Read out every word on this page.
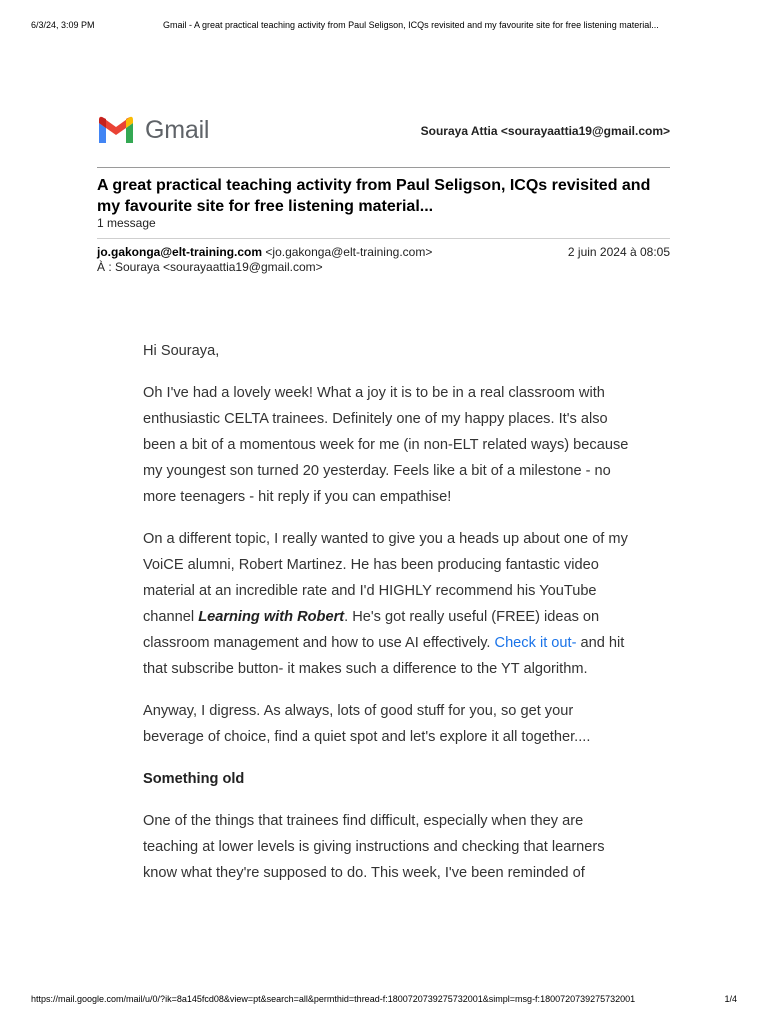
6/3/24, 3:09 PM	Gmail - A great practical teaching activity from Paul Seligson, ICQs revisited and my favourite site for free listening material...
Gmail	Souraya Attia <sourayaattia19@gmail.com>
A great practical teaching activity from Paul Seligson, ICQs revisited and my favourite site for free listening material...
1 message
jo.gakonga@elt-training.com <jo.gakonga@elt-training.com>	2 juin 2024 à 08:05
À : Souraya <sourayaattia19@gmail.com>

Hi Souraya,

Oh I've had a lovely week! What a joy it is to be in a real classroom with enthusiastic CELTA trainees. Definitely one of my happy places. It's also been a bit of a momentous week for me (in non-ELT related ways) because my youngest son turned 20 yesterday. Feels like a bit of a milestone - no more teenagers - hit reply if you can empathise!

On a different topic, I really wanted to give you a heads up about one of my VoiCE alumni, Robert Martinez. He has been producing fantastic video material at an incredible rate and I'd HIGHLY recommend his YouTube channel Learning with Robert. He's got really useful (FREE) ideas on classroom management and how to use AI effectively. Check it out- and hit that subscribe button- it makes such a difference to the YT algorithm.

Anyway, I digress. As always, lots of good stuff for you, so get your beverage of choice, find a quiet spot and let's explore it all together....

Something old

One of the things that trainees find difficult, especially when they are teaching at lower levels is giving instructions and checking that learners know what they're supposed to do. This week, I've been reminded of

https://mail.google.com/mail/u/0/?ik=8a145fcd08&view=pt&search=all&permthid=thread-f:1800720739275732001&simpl=msg-f:1800720739275732001	1/4
